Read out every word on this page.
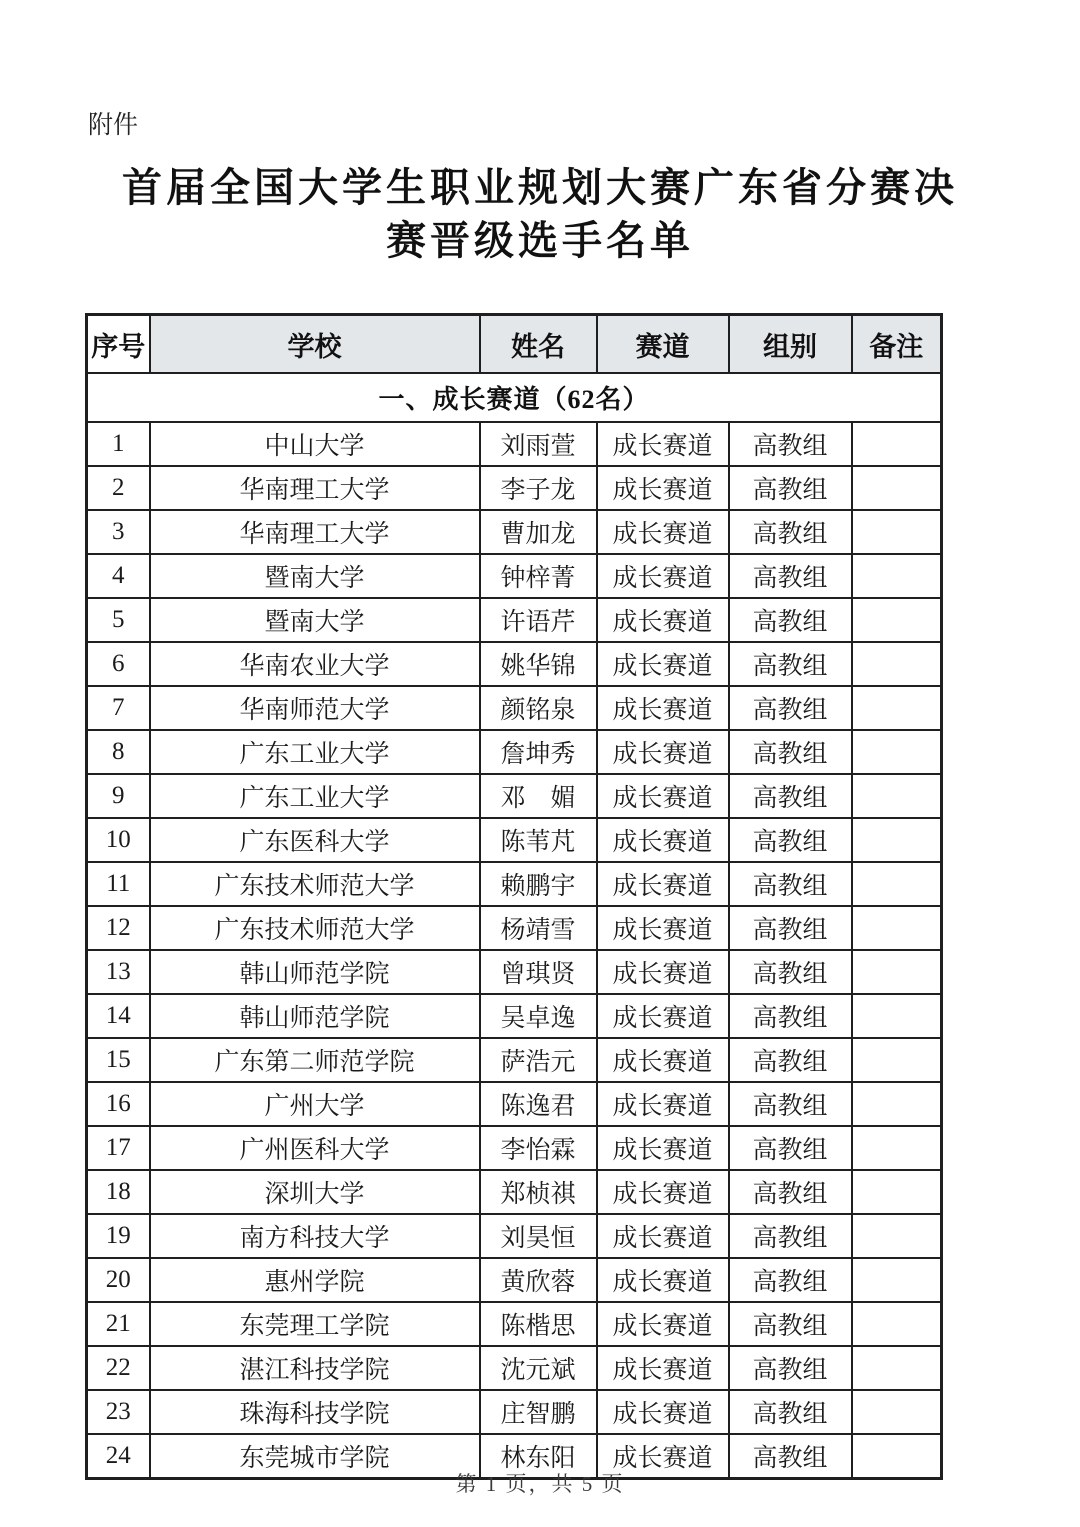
附件
首届全国大学生职业规划大赛广东省分赛决赛晋级选手名单
序号	学校	姓名	赛道	组别	备注
一、成长赛道（62名）					
1	中山大学	刘雨萱	成长赛道	高教组	
2	华南理工大学	李子龙	成长赛道	高教组	
3	华南理工大学	曹加龙	成长赛道	高教组	
4	暨南大学	钟梓菁	成长赛道	高教组	
5	暨南大学	许语芹	成长赛道	高教组	
6	华南农业大学	姚华锦	成长赛道	高教组	
7	华南师范大学	颜铭泉	成长赛道	高教组	
8	广东工业大学	詹坤秀	成长赛道	高教组	
9	广东工业大学	邓　媚	成长赛道	高教组	
10	广东医科大学	陈苇芃	成长赛道	高教组	
11	广东技术师范大学	赖鹏宇	成长赛道	高教组	
12	广东技术师范大学	杨靖雪	成长赛道	高教组	
13	韩山师范学院	曾琪贤	成长赛道	高教组	
14	韩山师范学院	吴卓逸	成长赛道	高教组	
15	广东第二师范学院	萨浩元	成长赛道	高教组	
16	广州大学	陈逸君	成长赛道	高教组	
17	广州医科大学	李怡霖	成长赛道	高教组	
18	深圳大学	郑桢祺	成长赛道	高教组	
19	南方科技大学	刘昊恒	成长赛道	高教组	
20	惠州学院	黄欣蓉	成长赛道	高教组	
21	东莞理工学院	陈楷思	成长赛道	高教组	
22	湛江科技学院	沈元斌	成长赛道	高教组	
23	珠海科技学院	庄智鹏	成长赛道	高教组	
24	东莞城市学院	林东阳	成长赛道	高教组	
第 1 页，共 5 页
